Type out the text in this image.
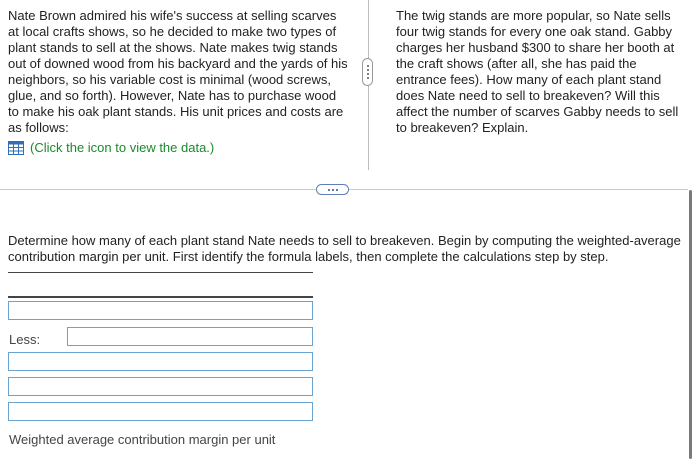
Nate Brown admired his wife's success at selling scarves at local crafts shows, so he decided to make two types of plant stands to sell at the shows. Nate makes twig stands out of downed wood from his backyard and the yards of his neighbors, so his variable cost is minimal (wood screws, glue, and so forth). However, Nate has to purchase wood to make his oak plant stands. His unit prices and costs are as follows:

(Click the icon to view the data.)

The twig stands are more popular, so Nate sells four twig stands for every one oak stand. Gabby charges her husband $300 to share her booth at the craft shows (after all, she has paid the entrance fees). How many of each plant stand does Nate need to sell to breakeven? Will this affect the number of scarves Gabby needs to sell to breakeven? Explain.

Determine how many of each plant stand Nate needs to sell to breakeven. Begin by computing the weighted-average contribution margin per unit. First identify the formula labels, then complete the calculations step by step.

Less:
Weighted average contribution margin per unit
